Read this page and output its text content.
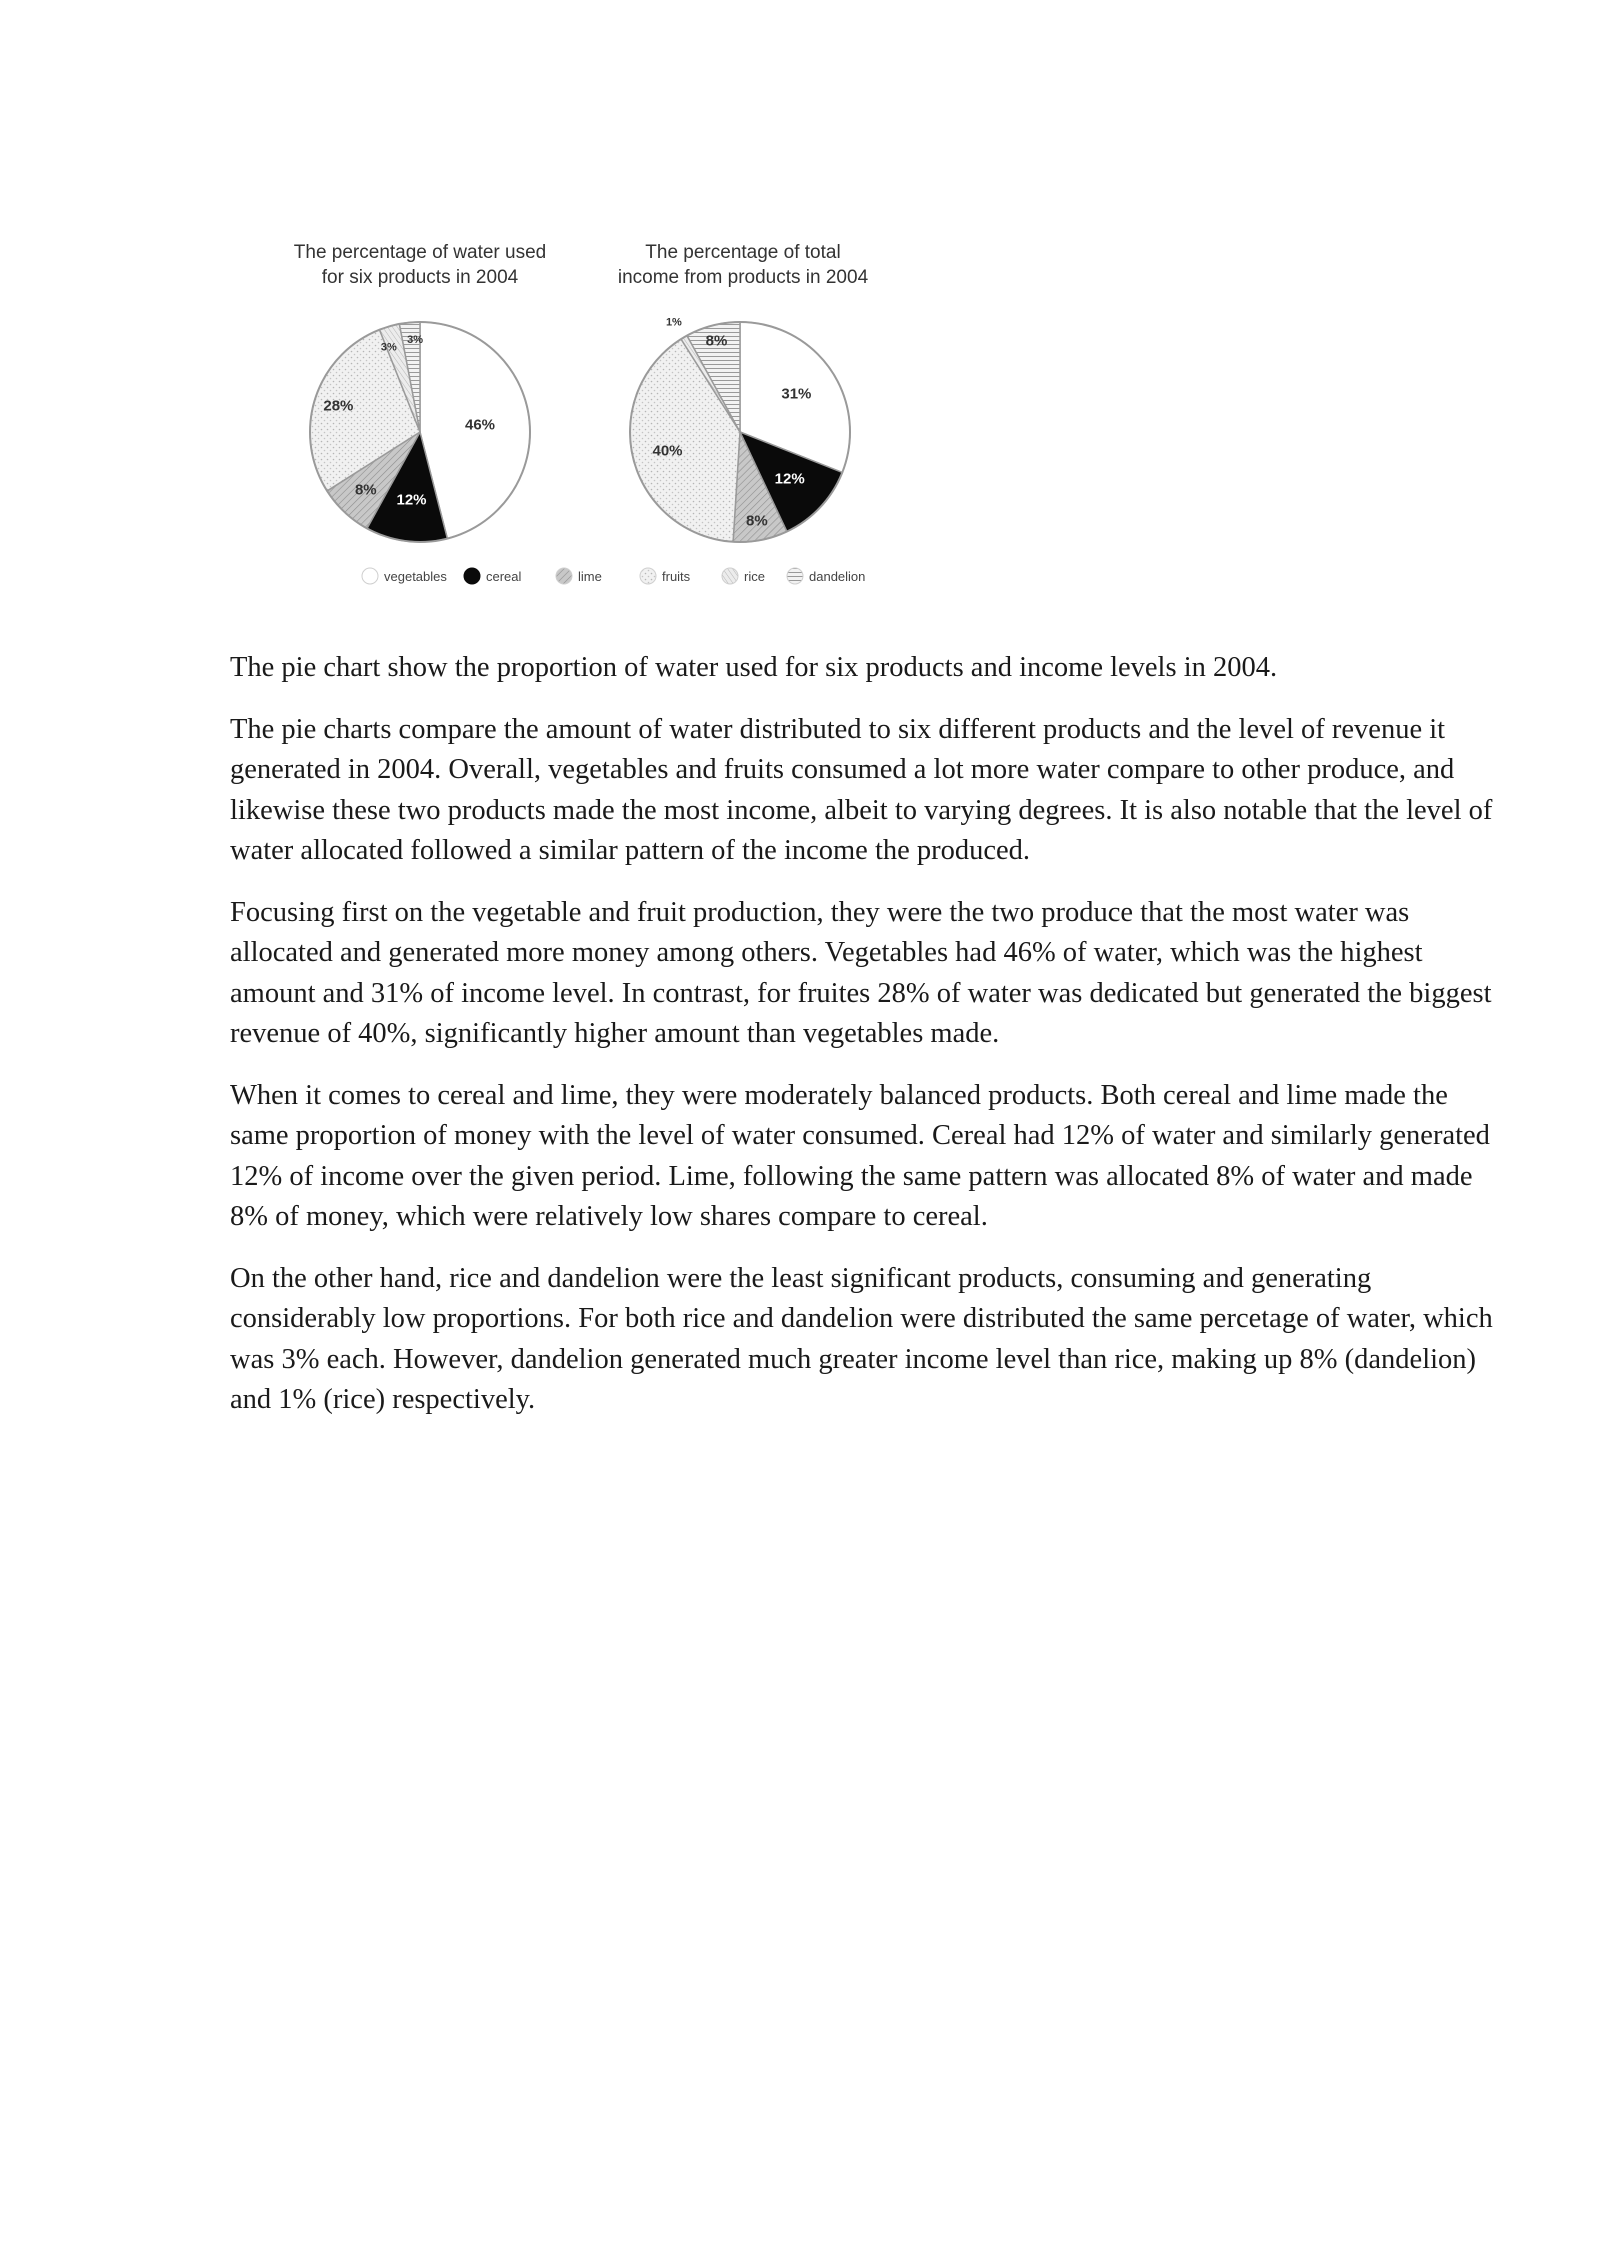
The percentage of water used
for six products in 2004
46%
12%
8%
28%
3%
3%
The percentage of total
income from products in 2004
31%
12%
8%
40%
1%
8%
vegetables	cereal	lime	fruits	rice	dandelion

The pie chart show the proportion of water used for six products and income levels in 2004.

The pie charts compare the amount of water distributed to six different products and the level of revenue it generated in 2004. Overall, vegetables and fruits consumed a lot more water compare to other produce, and likewise these two products made the most income, albeit to varying degrees. It is also notable that the level of water allocated followed a similar pattern of the income the produced.

Focusing first on the vegetable and fruit production, they were the two produce that the most water was allocated and generated more money among others. Vegetables had 46% of water, which was the highest amount and 31% of income level. In contrast, for fruites 28% of water was dedicated but generated the biggest revenue of 40%, significantly higher amount than vegetables made.

When it comes to cereal and lime, they were moderately balanced products. Both cereal and lime made the same proportion of money with the level of water consumed. Cereal had 12% of water and similarly generated 12% of income over the given period. Lime, following the same pattern was allocated 8% of water and made 8% of money, which were relatively low shares compare to cereal.

On the other hand, rice and dandelion were the least significant products, consuming and generating considerably low proportions. For both rice and dandelion were distributed the same percetage of water, which was 3% each. However, dandelion generated much greater income level than rice, making up 8% (dandelion) and 1% (rice) respectively.
